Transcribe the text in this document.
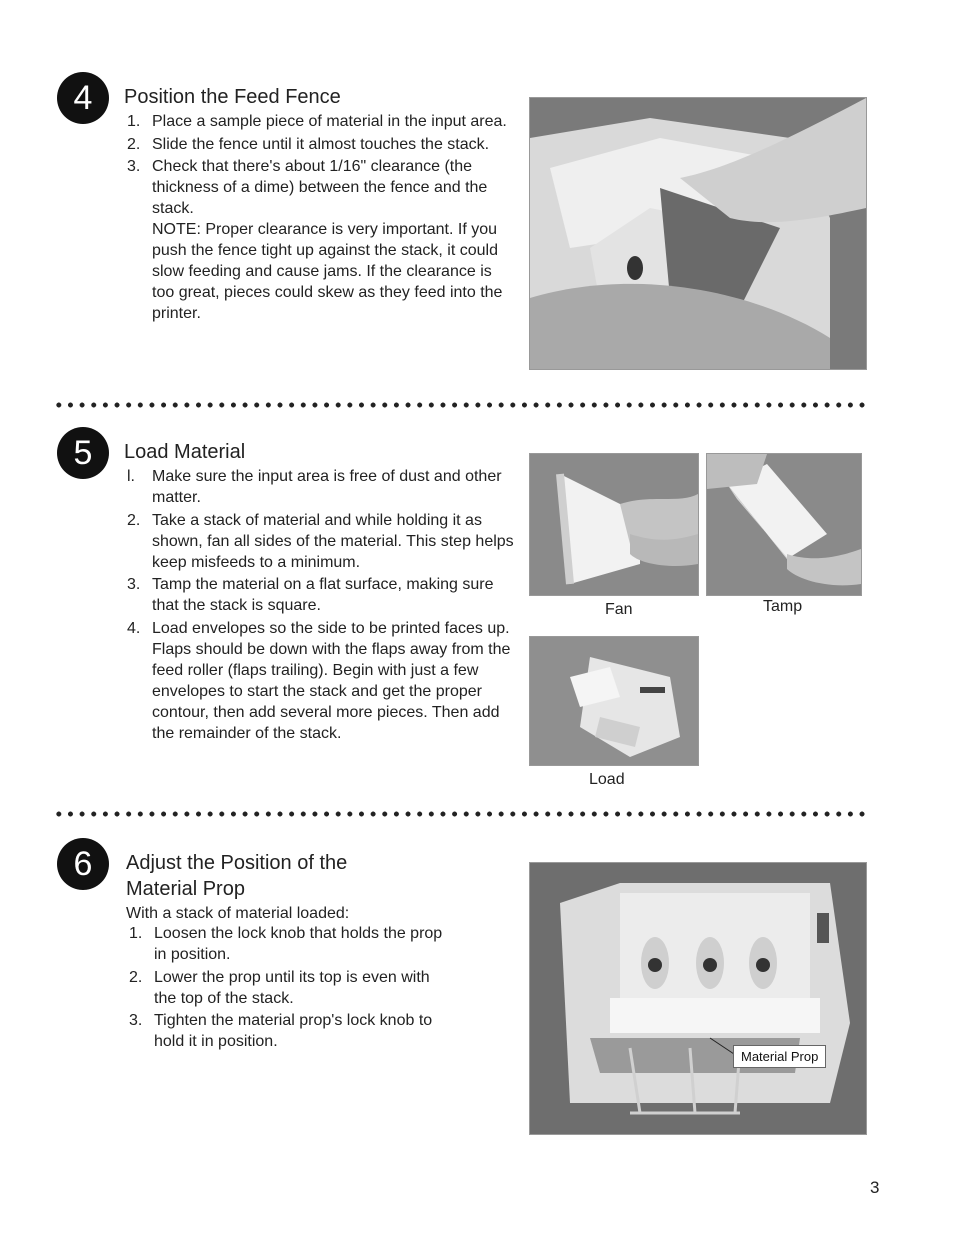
4	Position the Feed Fence
1. Place a sample piece of material in the input area.
2. Slide the fence until it almost touches the stack.
3. Check that there's about 1/16" clearance (the thickness of a dime) between the fence and the stack.
NOTE: Proper clearance is very important. If you push the fence tight up against the stack, it could slow feeding and cause jams. If the clearance is too great, pieces could skew as they feed into the printer.
5	Load Material
l. Make sure the input area is free of dust and other matter.
2. Take a stack of material and while holding it as shown, fan all sides of the material. This step helps keep misfeeds to a minimum.
3. Tamp the material on a flat surface, making sure that the stack is square.
4. Load envelopes so the side to be printed faces up. Flaps should be down with the flaps away from the feed roller (flaps trailing). Begin with just a few envelopes to start the stack and get the proper contour, then add several more pieces. Then add the remainder of the stack.
Fan	Tamp
Load
6	Adjust the Position of the
Material Prop
With a stack of material loaded:
1. Loosen the lock knob that holds the prop in position.
2. Lower the prop until its top is even with the top of the stack.
3. Tighten the material prop's lock knob to hold it in position.
Material Prop
3
